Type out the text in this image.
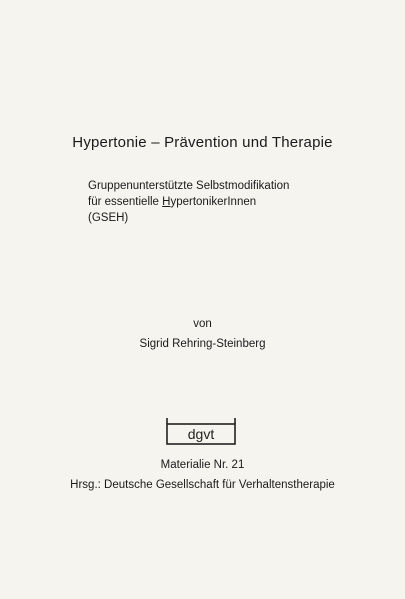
Hypertonie – Prävention und Therapie
Gruppenunterstützte Selbstmodifikation
für essentielle HypertonikerInnen
(GSEH)
von
Sigrid Rehring-Steinberg
dgvt
Materialie Nr. 21
Hrsg.: Deutsche Gesellschaft für Verhaltenstherapie
